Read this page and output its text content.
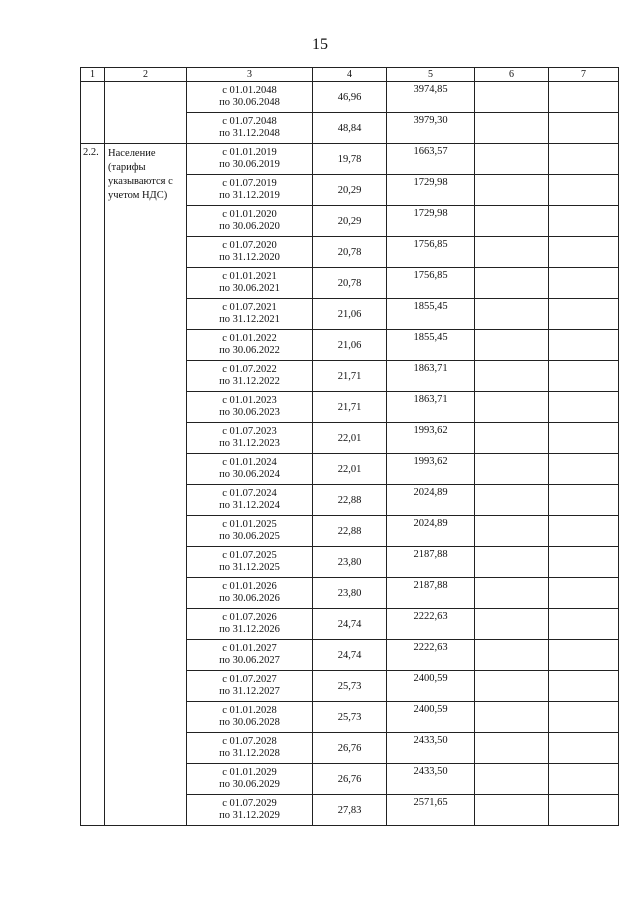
15
1	2	3	4	5	6	7

		с 01.01.2048
по 30.06.2048	46,96	3974,85		

		с 01.07.2048
по 31.12.2048	48,84	3979,30		

2.2.	Население (тарифы указываются с учетом НДС)	с 01.01.2019
по 30.06.2019	19,78	1663,57		

		с 01.07.2019
по 31.12.2019	20,29	1729,98		

		с 01.01.2020
по 30.06.2020	20,29	1729,98		

		с 01.07.2020
по 31.12.2020	20,78	1756,85		

		с 01.01.2021
по 30.06.2021	20,78	1756,85		

		с 01.07.2021
по 31.12.2021	21,06	1855,45		

		с 01.01.2022
по 30.06.2022	21,06	1855,45		

		с 01.07.2022
по 31.12.2022	21,71	1863,71		

		с 01.01.2023
по 30.06.2023	21,71	1863,71		

		с 01.07.2023
по 31.12.2023	22,01	1993,62		

		с 01.01.2024
по 30.06.2024	22,01	1993,62		

		с 01.07.2024
по 31.12.2024	22,88	2024,89		

		с 01.01.2025
по 30.06.2025	22,88	2024,89		

		с 01.07.2025
по 31.12.2025	23,80	2187,88		

		с 01.01.2026
по 30.06.2026	23,80	2187,88		

		с 01.07.2026
по 31.12.2026	24,74	2222,63		

		с 01.01.2027
по 30.06.2027	24,74	2222,63		

		с 01.07.2027
по 31.12.2027	25,73	2400,59		

		с 01.01.2028
по 30.06.2028	25,73	2400,59		

		с 01.07.2028
по 31.12.2028	26,76	2433,50		

		с 01.01.2029
по 30.06.2029	26,76	2433,50		

		с 01.07.2029
по 31.12.2029	27,83	2571,65		
